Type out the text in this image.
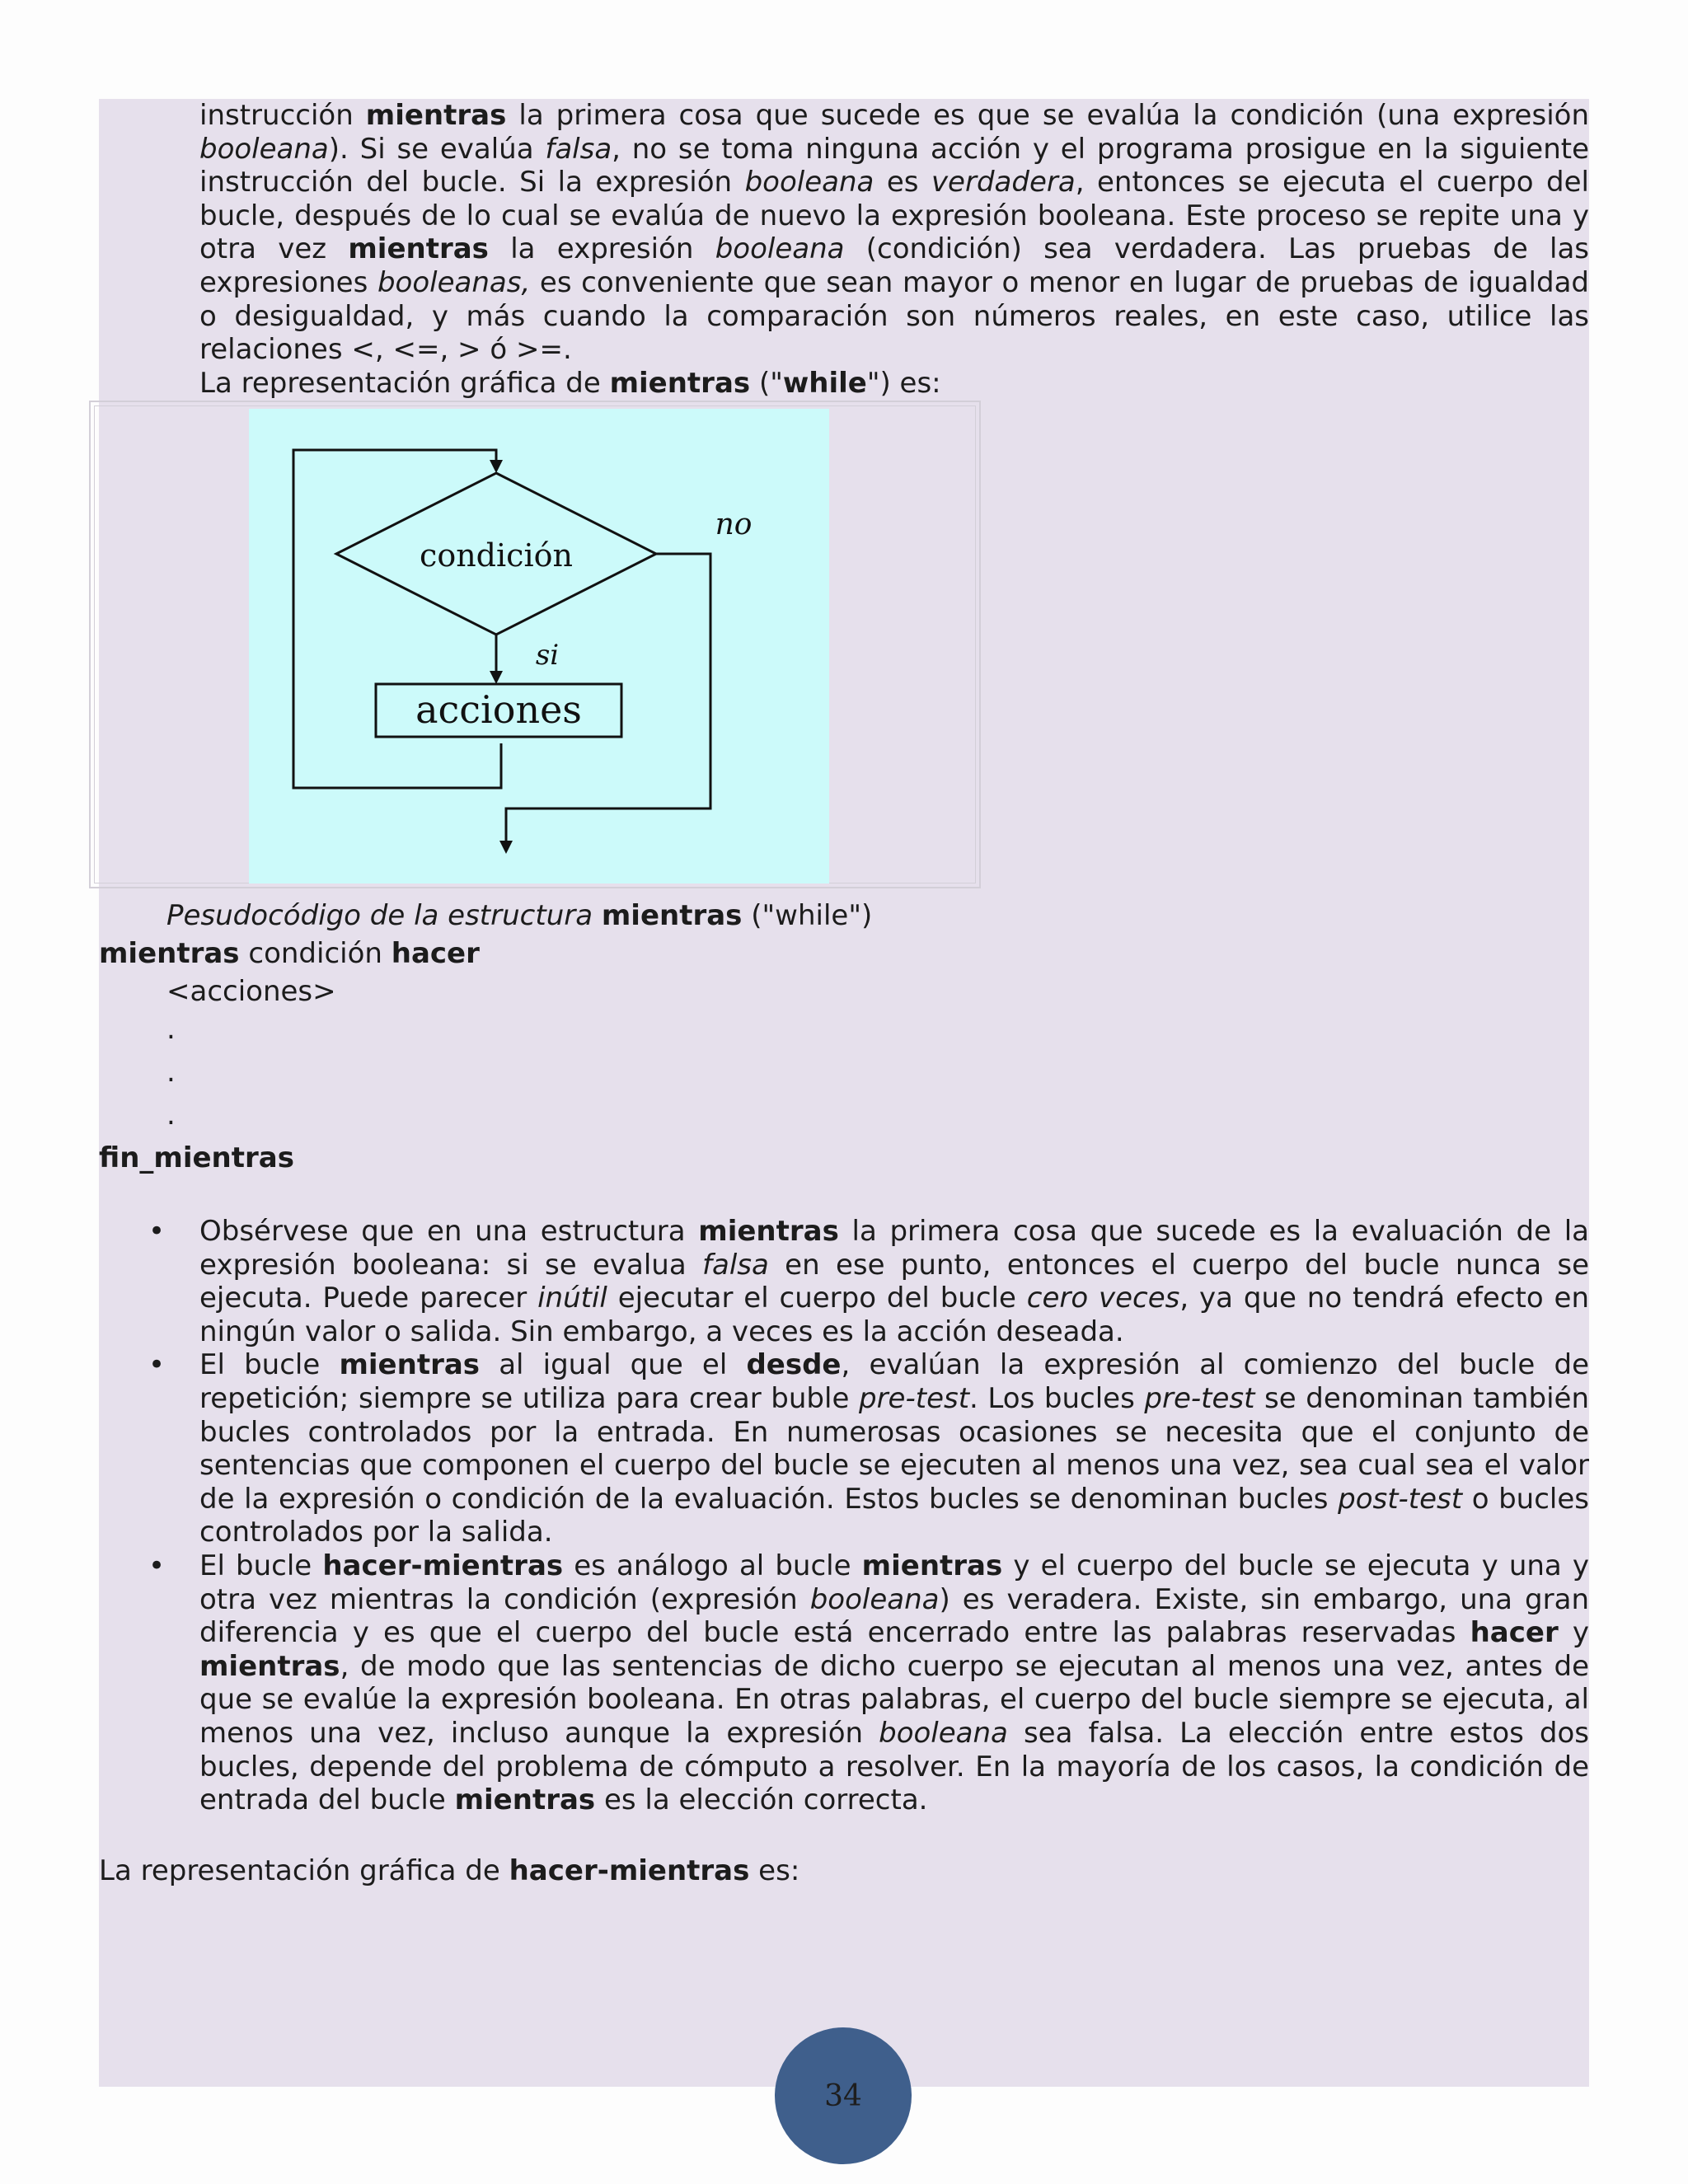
instrucción mientras la primera cosa que sucede es que se evalúa la condición (una expresión booleana). Si se evalúa falsa, no se toma ninguna acción y el programa prosigue en la siguiente instrucción del bucle. Si la expresión booleana es verdadera, entonces se ejecuta el cuerpo del bucle, después de lo cual se evalúa de nuevo la expresión booleana. Este proceso se repite una y otra vez mientras la expresión booleana (condición) sea verdadera. Las pruebas de las expresiones booleanas, es conveniente que sean mayor o menor en lugar de pruebas de igualdad o desigualdad, y más cuando la comparación son números reales, en este caso, utilice las relaciones <, <=, > ó >=.

La representación gráfica de mientras ("while") es:

condición
no
si
acciones

Pesudocódigo de la estructura mientras ("while")

mientras condición hacer

<acciones>

.

.

.

fin_mientras

• Obsérvese que en una estructura mientras la primera cosa que sucede es la evaluación de la expresión booleana: si se evalua falsa en ese punto, entonces el cuerpo del bucle nunca se ejecuta. Puede parecer inútil ejecutar el cuerpo del bucle cero veces, ya que no tendrá efecto en ningún valor o salida. Sin embargo, a veces es la acción deseada.
• El bucle mientras al igual que el desde, evalúan la expresión al comienzo del bucle de repetición; siempre se utiliza para crear buble pre-test. Los bucles pre-test se denominan también bucles controlados por la entrada. En numerosas ocasiones se necesita que el conjunto de sentencias que componen el cuerpo del bucle se ejecuten al menos una vez, sea cual sea el valor de la expresión o condición de la evaluación. Estos bucles se denominan bucles post-test o bucles controlados por la salida.
• El bucle hacer-mientras es análogo al bucle mientras y el cuerpo del bucle se ejecuta y una y otra vez mientras la condición (expresión booleana) es veradera. Existe, sin embargo, una gran diferencia y es que el cuerpo del bucle está encerrado entre las palabras reservadas hacer y mientras, de modo que las sentencias de dicho cuerpo se ejecutan al menos una vez, antes de que se evalúe la expresión booleana. En otras palabras, el cuerpo del bucle siempre se ejecuta, al menos una vez, incluso aunque la expresión booleana sea falsa. La elección entre estos dos bucles, depende del problema de cómputo a resolver. En la mayoría de los casos, la condición de entrada del bucle mientras es la elección correcta.

La representación gráfica de hacer-mientras es:

34
